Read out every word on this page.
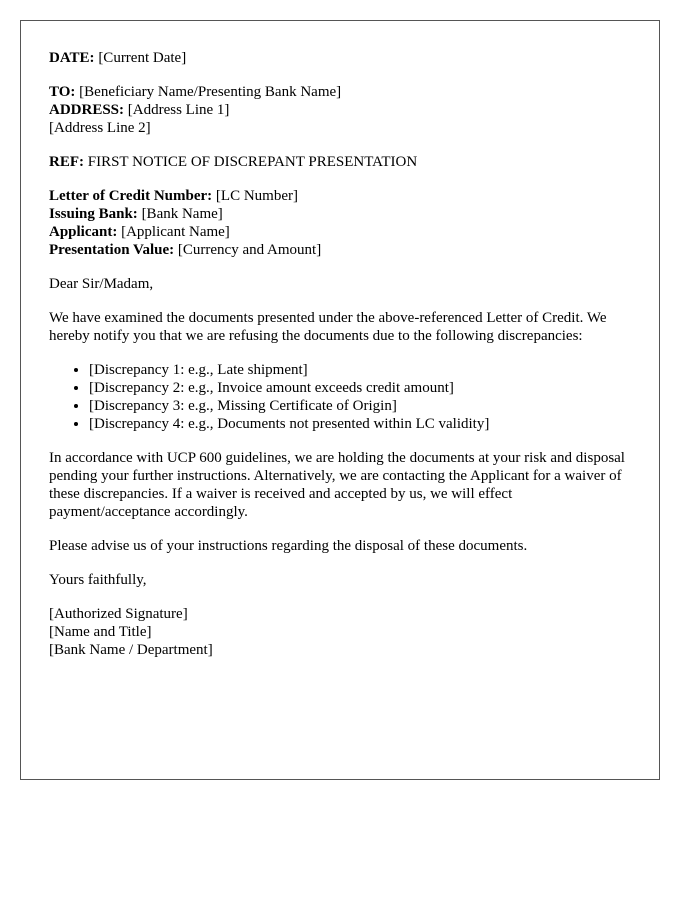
DATE: [Current Date]
TO: [Beneficiary Name/Presenting Bank Name]
ADDRESS: [Address Line 1]
[Address Line 2]
REF: FIRST NOTICE OF DISCREPANT PRESENTATION
Letter of Credit Number: [LC Number]
Issuing Bank: [Bank Name]
Applicant: [Applicant Name]
Presentation Value: [Currency and Amount]

Dear Sir/Madam,

We have examined the documents presented under the above-referenced Letter of Credit. We hereby notify you that we are refusing the documents due to the following discrepancies:

• [Discrepancy 1: e.g., Late shipment]
• [Discrepancy 2: e.g., Invoice amount exceeds credit amount]
• [Discrepancy 3: e.g., Missing Certificate of Origin]
• [Discrepancy 4: e.g., Documents not presented within LC validity]

In accordance with UCP 600 guidelines, we are holding the documents at your risk and disposal pending your further instructions. Alternatively, we are contacting the Applicant for a waiver of these discrepancies. If a waiver is received and accepted by us, we will effect payment/acceptance accordingly.

Please advise us of your instructions regarding the disposal of these documents.

Yours faithfully,

[Authorized Signature]
[Name and Title]
[Bank Name / Department]
